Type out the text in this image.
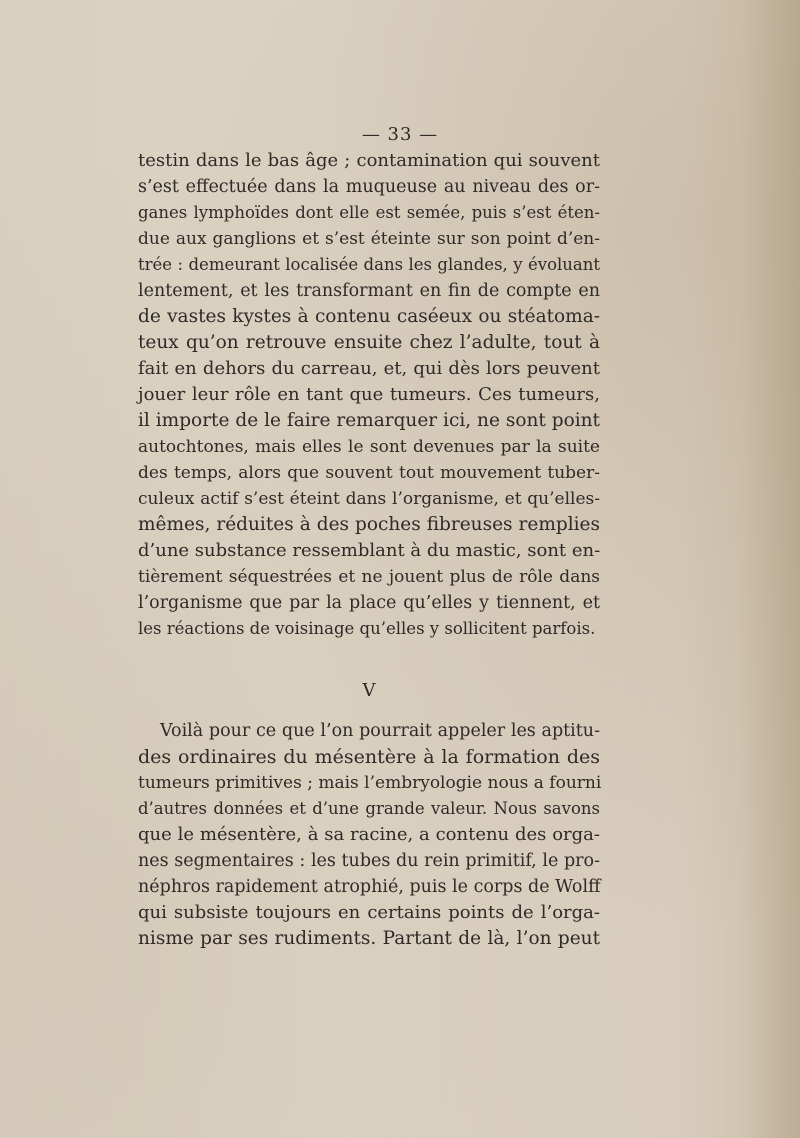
— 33 —
testin dans le bas âge ; contamination qui souvent
s’est effectuée dans la muqueuse au niveau des or-
ganes lymphoïdes dont elle est semée, puis s’est éten-
due aux ganglions et s’est éteinte sur son point d’en-
trée : demeurant localisée dans les glandes, y évoluant
lentement, et les transformant en fin de compte en
de vastes kystes à contenu caséeux ou stéatoma-
teux qu’on retrouve ensuite chez l’adulte, tout à
fait en dehors du carreau, et, qui dès lors peuvent
jouer leur rôle en tant que tumeurs. Ces tumeurs,
il importe de le faire remarquer ici, ne sont point
autochtones, mais elles le sont devenues par la suite
des temps, alors que souvent tout mouvement tuber-
culeux actif s’est éteint dans l’organisme, et qu’elles-
mêmes, réduites à des poches fibreuses remplies
d’une substance ressemblant à du mastic, sont en-
tièrement séquestrées et ne jouent plus de rôle dans
l’organisme que par la place qu’elles y tiennent, et
les réactions de voisinage qu’elles y sollicitent parfois.
V
Voilà pour ce que l’on pourrait appeler les aptitu-
des ordinaires du mésentère à la formation des
tumeurs primitives ; mais l’embryologie nous a fourni
d’autres données et d’une grande valeur. Nous savons
que le mésentère, à sa racine, a contenu des orga-
nes segmentaires : les tubes du rein primitif, le pro-
néphros rapidement atrophié, puis le corps de Wolff
qui subsiste toujours en certains points de l’orga-
nisme par ses rudiments. Partant de là, l’on peut
